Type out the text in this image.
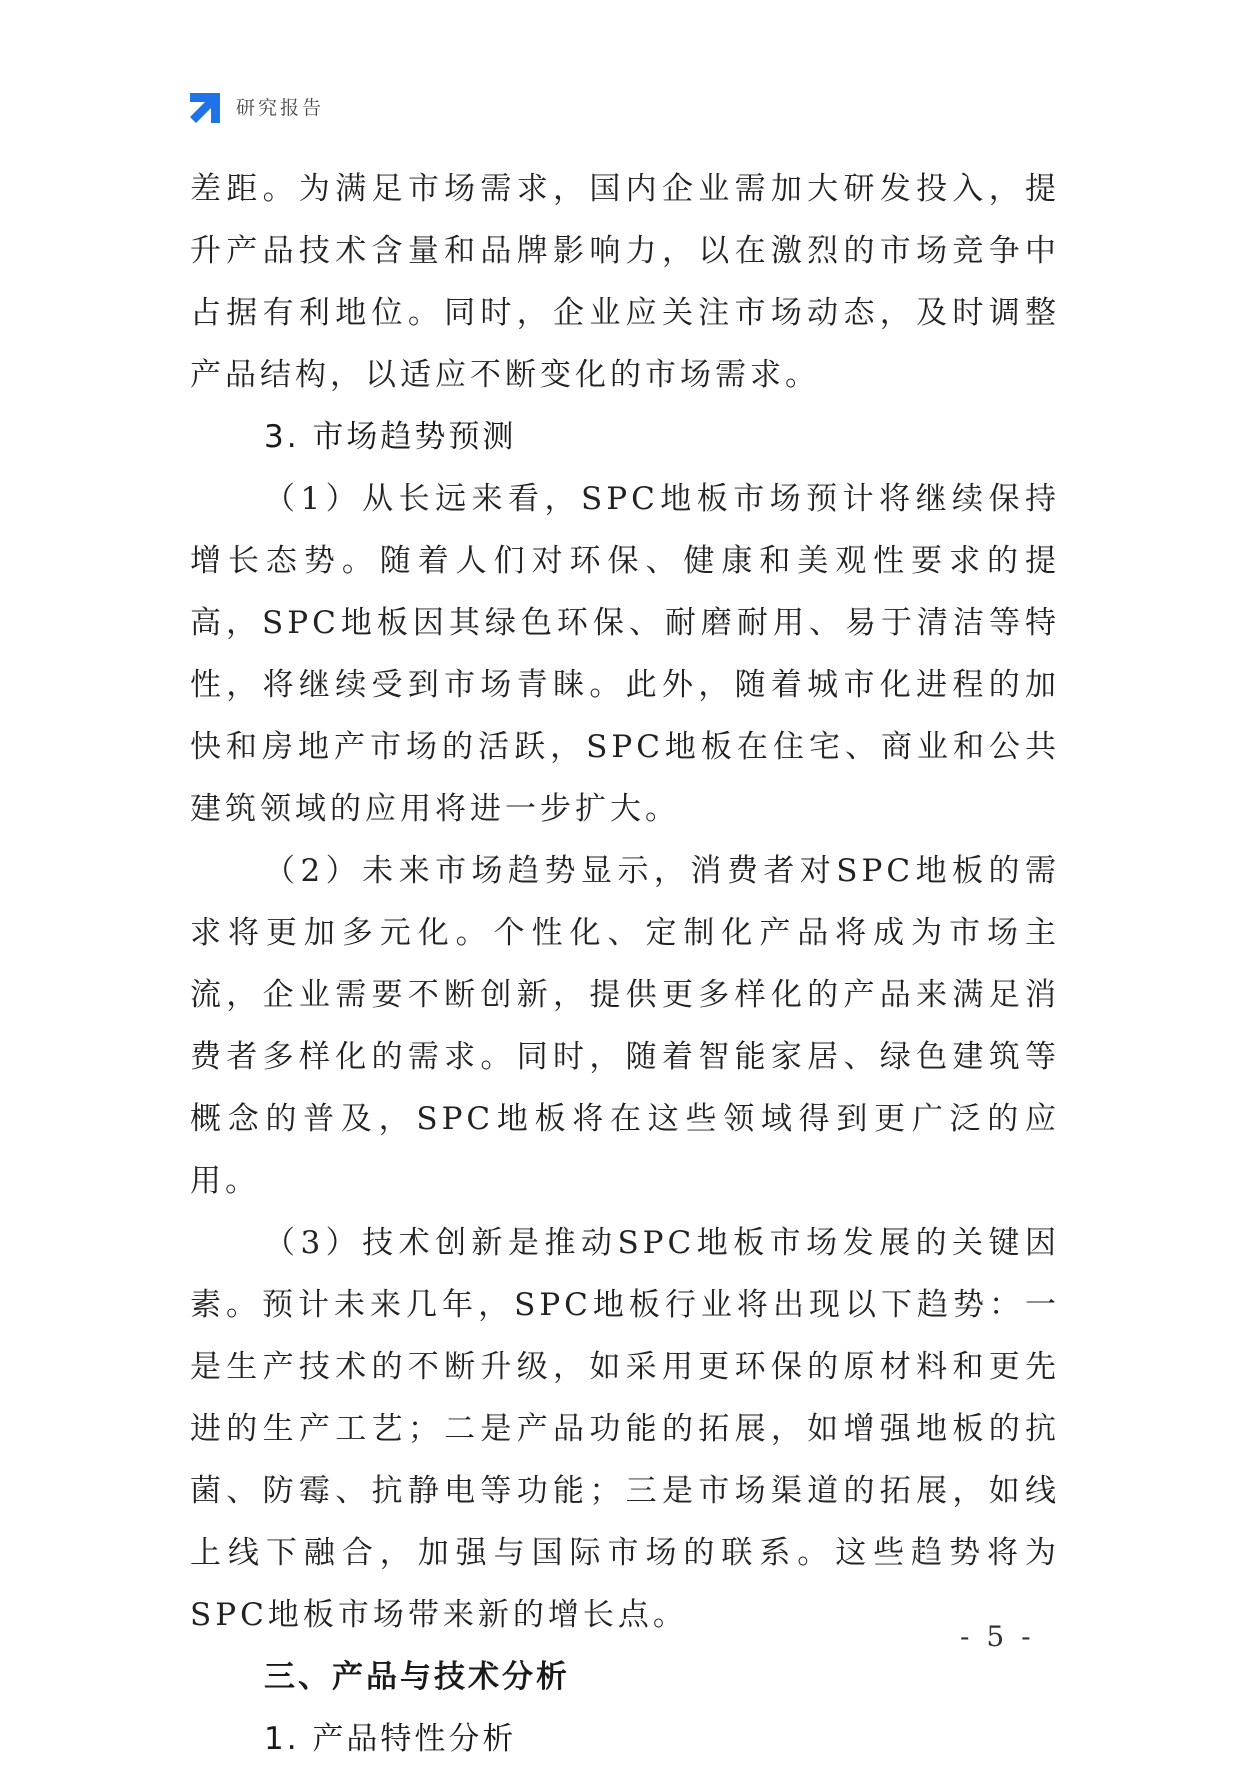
研究报告

差距。为满足市场需求，国内企业需加大研发投入，提升产品技术含量和品牌影响力，以在激烈的市场竞争中占据有利地位。同时，企业应关注市场动态，及时调整产品结构，以适应不断变化的市场需求。

3. 市场趋势预测

（1）从长远来看，SPC地板市场预计将继续保持增长态势。随着人们对环保、健康和美观性要求的提高，SPC地板因其绿色环保、耐磨耐用、易于清洁等特性，将继续受到市场青睐。此外，随着城市化进程的加快和房地产市场的活跃，SPC地板在住宅、商业和公共建筑领域的应用将进一步扩大。

（2）未来市场趋势显示，消费者对SPC地板的需求将更加多元化。个性化、定制化产品将成为市场主流，企业需要不断创新，提供更多样化的产品来满足消费者多样化的需求。同时，随着智能家居、绿色建筑等概念的普及，SPC地板将在这些领域得到更广泛的应用。

（3）技术创新是推动SPC地板市场发展的关键因素。预计未来几年，SPC地板行业将出现以下趋势：一是生产技术的不断升级，如采用更环保的原材料和更先进的生产工艺；二是产品功能的拓展，如增强地板的抗菌、防霉、抗静电等功能；三是市场渠道的拓展，如线上线下融合，加强与国际市场的联系。这些趋势将为SPC地板市场带来新的增长点。

三、产品与技术分析

1. 产品特性分析

- 5 -
